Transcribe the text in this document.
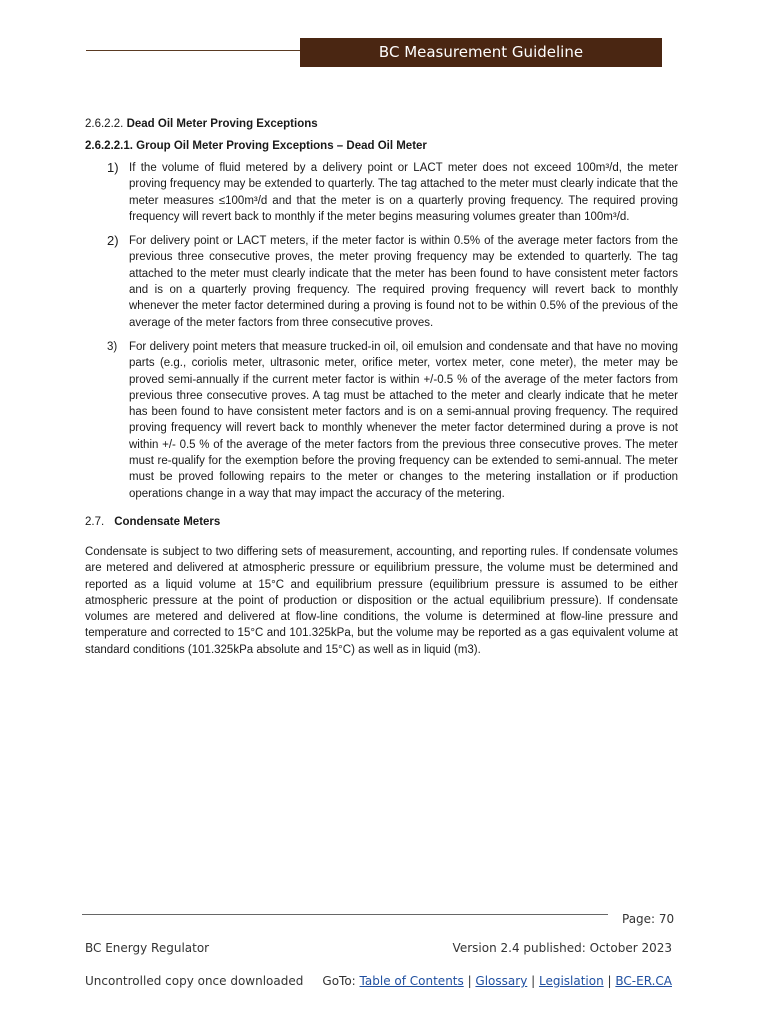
BC Measurement Guideline

2.6.2.2. Dead Oil Meter Proving Exceptions

2.6.2.2.1. Group Oil Meter Proving Exceptions – Dead Oil Meter

1) If the volume of fluid metered by a delivery point or LACT meter does not exceed 100m³/d, the meter proving frequency may be extended to quarterly. The tag attached to the meter must clearly indicate that the meter measures ≤100m³/d and that the meter is on a quarterly proving frequency. The required proving frequency will revert back to monthly if the meter begins measuring volumes greater than 100m³/d.
2) For delivery point or LACT meters, if the meter factor is within 0.5% of the average meter factors from the previous three consecutive proves, the meter proving frequency may be extended to quarterly. The tag attached to the meter must clearly indicate that the meter has been found to have consistent meter factors and is on a quarterly proving frequency. The required proving frequency will revert back to monthly whenever the meter factor determined during a proving is found not to be within 0.5% of the previous of the average of the meter factors from three consecutive proves.
3)	For delivery point meters that measure trucked-in oil, oil emulsion and condensate and that have no moving parts (e.g., coriolis meter, ultrasonic meter, orifice meter, vortex meter, cone meter), the meter may be proved semi-annually if the current meter factor is within +/-0.5 % of the average of the meter factors from previous three consecutive proves. A tag must be attached to the meter and clearly indicate that he meter has been found to have consistent meter factors and is on a semi-annual proving frequency. The required proving frequency will revert back to monthly whenever the meter factor determined during a prove is not within +/- 0.5 % of the average of the meter factors from the previous three consecutive proves. The meter must re-qualify for the exemption before the proving frequency can be extended to semi-annual. The meter must be proved following repairs to the meter or changes to the metering installation or if production operations change in a way that may impact the accuracy of the metering.

2.7. Condensate Meters

Condensate is subject to two differing sets of measurement, accounting, and reporting rules. If condensate volumes are metered and delivered at atmospheric pressure or equilibrium pressure, the volume must be determined and reported as a liquid volume at 15°C and equilibrium pressure (equilibrium pressure is assumed to be either atmospheric pressure at the point of production or disposition or the actual equilibrium pressure). If condensate volumes are metered and delivered at flow-line conditions, the volume is determined at flow-line pressure and temperature and corrected to 15°C and 101.325kPa, but the volume may be reported as a gas equivalent volume at standard conditions (101.325kPa absolute and 15°C) as well as in liquid (m3).

Page: 70
BC Energy Regulator	Version 2.4 published: October 2023
Uncontrolled copy once downloaded GoTo: Table of Contents | Glossary | Legislation | BC-ER.CA
